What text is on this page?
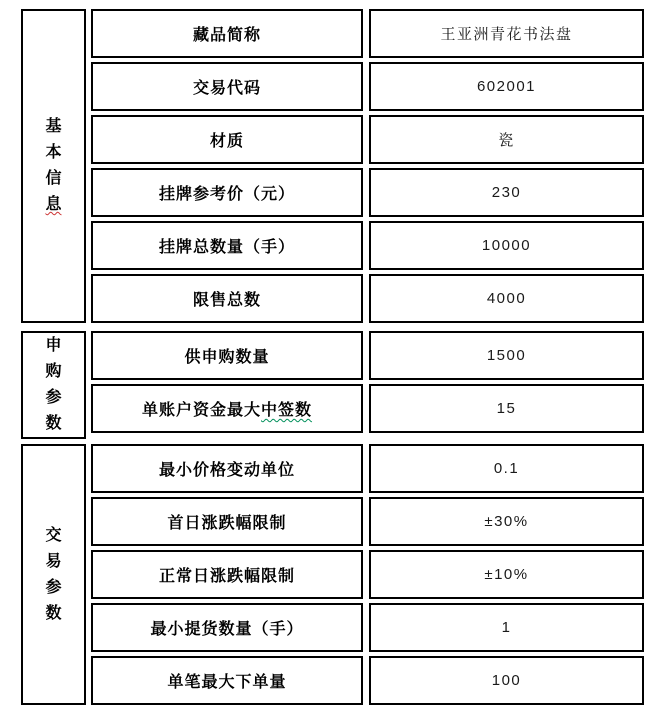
基本信息
藏品简称	王亚洲青花书法盘
交易代码	602001
材质	瓷
挂牌参考价（元）	230
挂牌总数量（手）	10000
限售总数	4000
申购参数
供申购数量	1500
单账户资金最大 中签数	15
交易参数
最小价格变动单位	0.1
首日涨跌幅限制	±30%
正常日涨跌幅限制	±10%
最小提货数量（手）	1
单笔最大下单量	100
